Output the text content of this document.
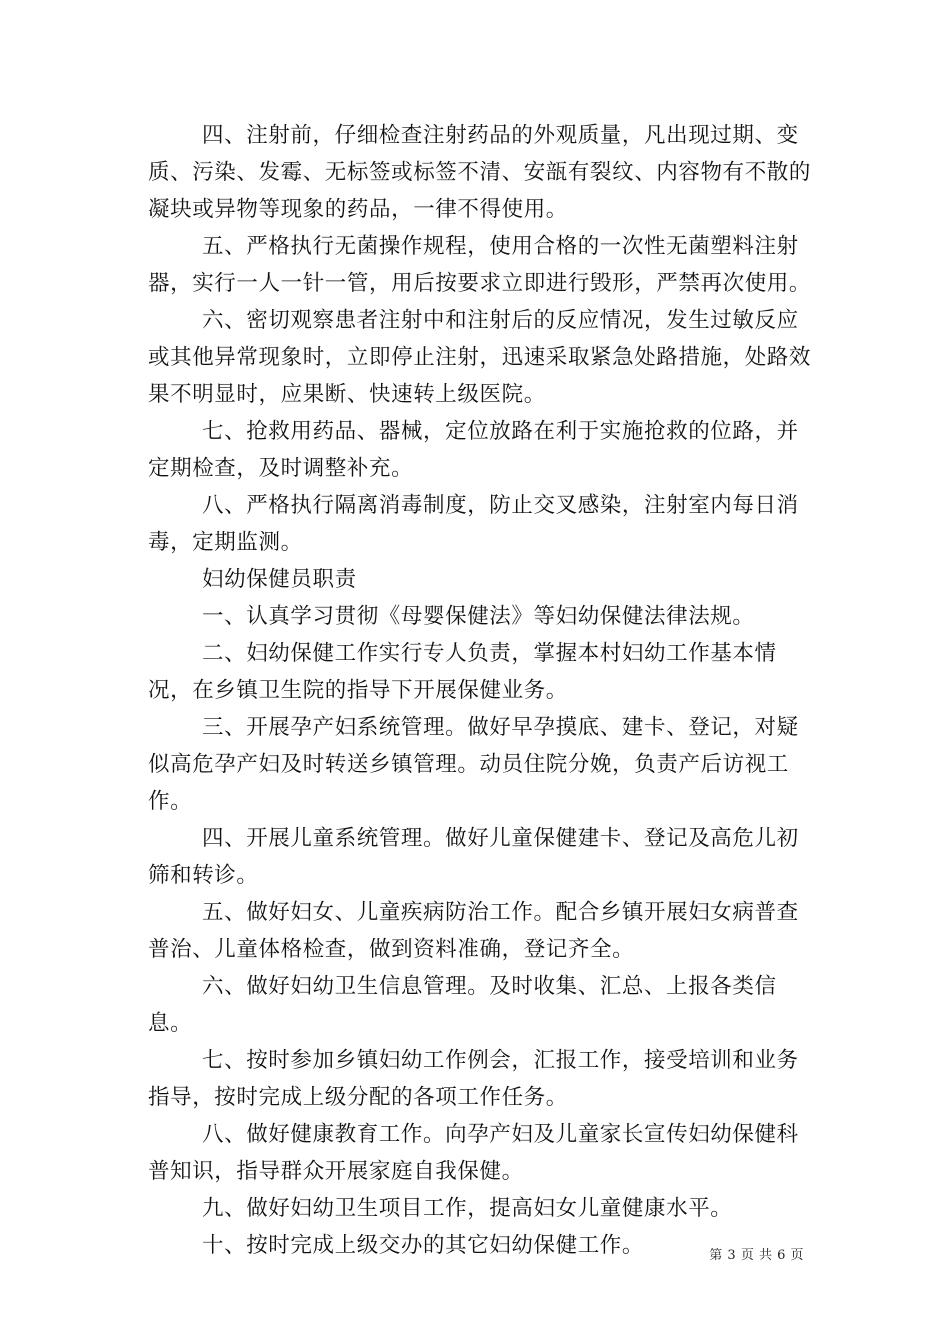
四、注射前，仔细检查注射药品的外观质量，凡出现过期、变质、污染、发霉、无标签或标签不清、安瓿有裂纹、内容物有不散的凝块或异物等现象的药品，一律不得使用。

五、严格执行无菌操作规程，使用合格的一次性无菌塑料注射器，实行一人一针一管，用后按要求立即进行毁形，严禁再次使用。

六、密切观察患者注射中和注射后的反应情况，发生过敏反应或其他异常现象时，立即停止注射，迅速采取紧急处路措施，处路效果不明显时，应果断、快速转上级医院。

七、抢救用药品、器械，定位放路在利于实施抢救的位路，并定期检查，及时调整补充。

八、严格执行隔离消毒制度，防止交叉感染，注射室内每日消毒，定期监测。

妇幼保健员职责

一、认真学习贯彻《母婴保健法》等妇幼保健法律法规。

二、妇幼保健工作实行专人负责，掌握本村妇幼工作基本情况，在乡镇卫生院的指导下开展保健业务。

三、开展孕产妇系统管理。做好早孕摸底、建卡、登记，对疑似高危孕产妇及时转送乡镇管理。动员住院分娩，负责产后访视工作。

四、开展儿童系统管理。做好儿童保健建卡、登记及高危儿初筛和转诊。

五、做好妇女、儿童疾病防治工作。配合乡镇开展妇女病普查普治、儿童体格检查，做到资料准确，登记齐全。

六、做好妇幼卫生信息管理。及时收集、汇总、上报各类信息。

七、按时参加乡镇妇幼工作例会，汇报工作，接受培训和业务指导，按时完成上级分配的各项工作任务。

八、做好健康教育工作。向孕产妇及儿童家长宣传妇幼保健科普知识，指导群众开展家庭自我保健。

九、做好妇幼卫生项目工作，提高妇女儿童健康水平。

十、按时完成上级交办的其它妇幼保健工作。	第 3 页 共 6 页
